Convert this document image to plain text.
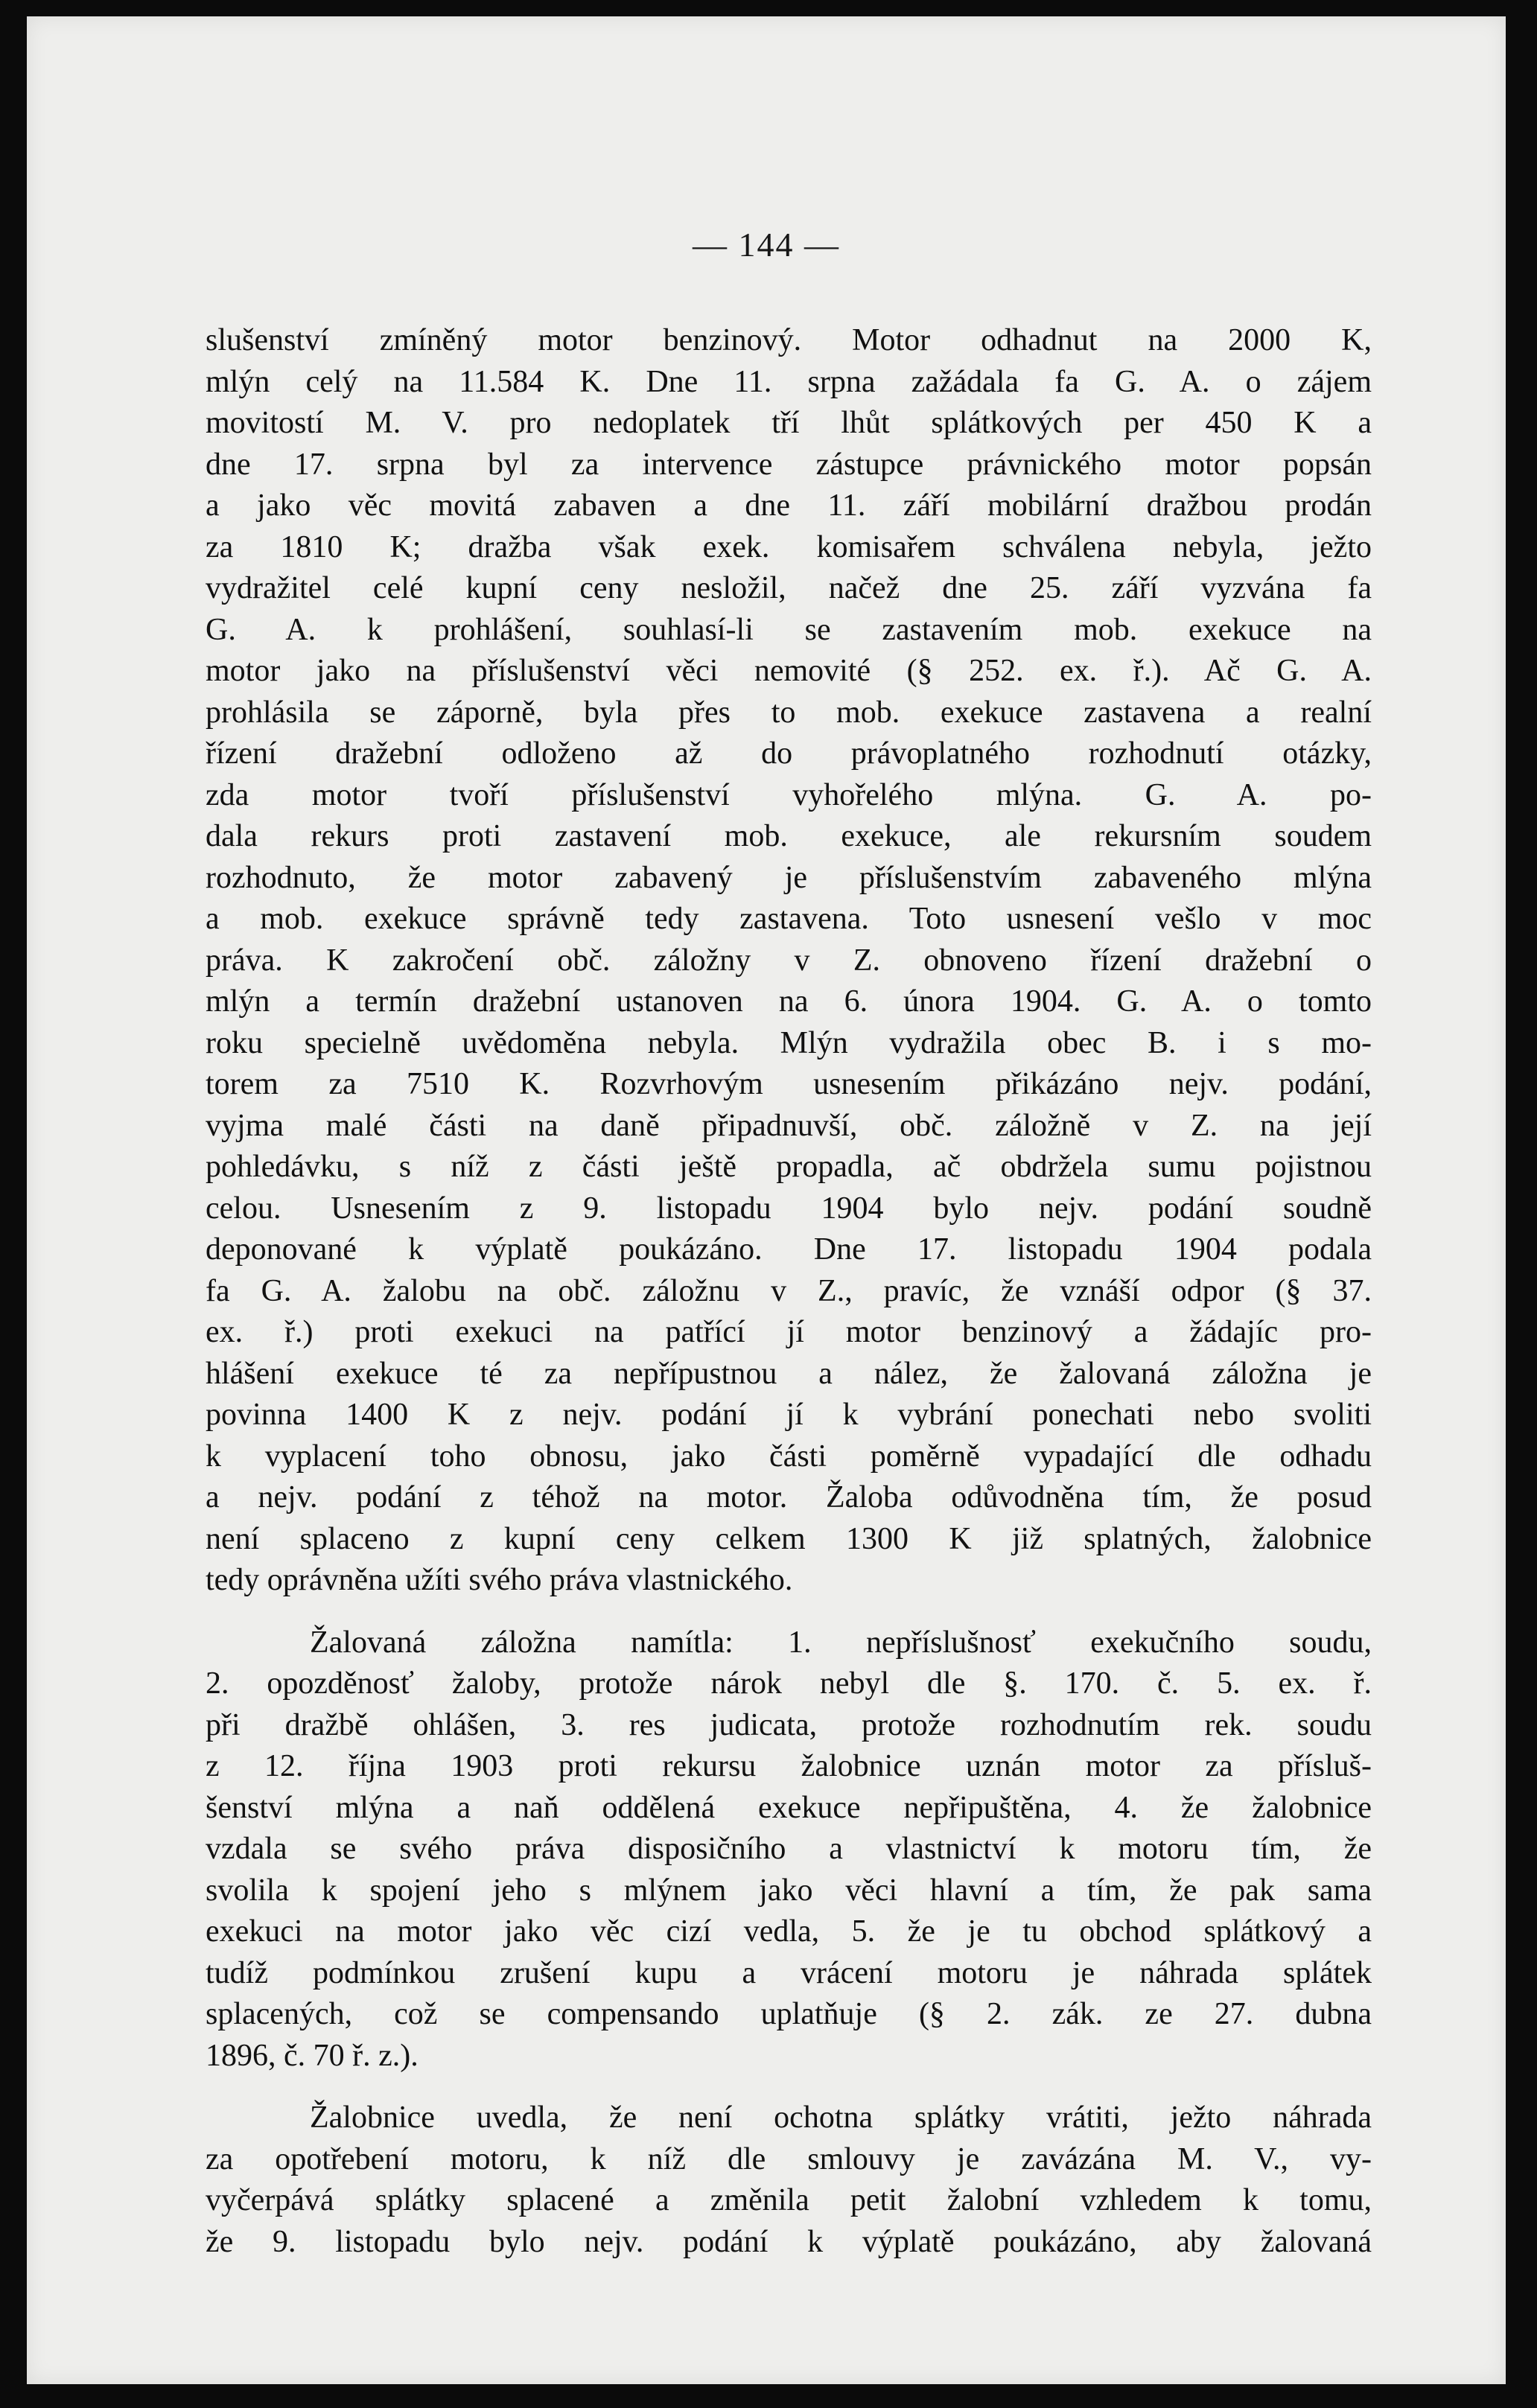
— 144 —
slušenství zmíněný motor benzinový. Motor odhadnut na 2000 K,
mlýn celý na 11.584 K. Dne 11. srpna zažádala fa G. A. o zájem
movitostí M. V. pro nedoplatek tří lhůt splátkových per 450 K a
dne 17. srpna byl za intervence zástupce právnického motor popsán
a jako věc movitá zabaven a dne 11. září mobilární dražbou prodán
za 1810 K; dražba však exek. komisařem schválena nebyla, ježto
vydražitel celé kupní ceny nesložil, načež dne 25. září vyzvána fa
G. A. k prohlášení, souhlasí-li se zastavením mob. exekuce na
motor jako na příslušenství věci nemovité (§ 252. ex. ř.). Ač G. A.
prohlásila se záporně, byla přes to mob. exekuce zastavena a realní
řízení dražební odloženo až do právoplatného rozhodnutí otázky,
zda motor tvoří příslušenství vyhořelého mlýna. G. A. po-
dala rekurs proti zastavení mob. exekuce, ale rekursním soudem
rozhodnuto, že motor zabavený je příslušenstvím zabaveného mlýna
a mob. exekuce správně tedy zastavena. Toto usnesení vešlo v moc
práva. K zakročení obč. záložny v Z. obnoveno řízení dražební o
mlýn a termín dražební ustanoven na 6. února 1904. G. A. o tomto
roku specielně uvědoměna nebyla. Mlýn vydražila obec B. i s mo-
torem za 7510 K. Rozvrhovým usnesením přikázáno nejv. podání,
vyjma malé části na daně připadnuvší, obč. záložně v Z. na její
pohledávku, s níž z části ještě propadla, ač obdržela sumu pojistnou
celou. Usnesením z 9. listopadu 1904 bylo nejv. podání soudně
deponované k výplatě poukázáno. Dne 17. listopadu 1904 podala
fa G. A. žalobu na obč. záložnu v Z., pravíc, že vznáší odpor (§ 37.
ex. ř.) proti exekuci na patřící jí motor benzinový a žádajíc pro-
hlášení exekuce té za nepřípustnou a nález, že žalovaná záložna je
povinna 1400 K z nejv. podání jí k vybrání ponechati nebo svoliti
k vyplacení toho obnosu, jako části poměrně vypadající dle odhadu
a nejv. podání z téhož na motor. Žaloba odůvodněna tím, že posud
není splaceno z kupní ceny celkem 1300 K již splatných, žalobnice
tedy oprávněna užíti svého práva vlastnického.
Žalovaná záložna namítla: 1. nepříslušnosť exekučního soudu,
2. opozděnosť žaloby, protože nárok nebyl dle §. 170. č. 5. ex. ř.
při dražbě ohlášen, 3. res judicata, protože rozhodnutím rek. soudu
z 12. října 1903 proti rekursu žalobnice uznán motor za přísluš-
šenství mlýna a naň oddělená exekuce nepřipuštěna, 4. že žalobnice
vzdala se svého práva disposičního a vlastnictví k motoru tím, že
svolila k spojení jeho s mlýnem jako věci hlavní a tím, že pak sama
exekuci na motor jako věc cizí vedla, 5. že je tu obchod splátkový a
tudíž podmínkou zrušení kupu a vrácení motoru je náhrada splátek
splacených, což se compensando uplatňuje (§ 2. zák. ze 27. dubna
1896, č. 70 ř. z.).
Žalobnice uvedla, že není ochotna splátky vrátiti, ježto náhrada
za opotřebení motoru, k níž dle smlouvy je zavázána M. V., vy-
vyčerpává splátky splacené a změnila petit žalobní vzhledem k tomu,
že 9. listopadu bylo nejv. podání k výplatě poukázáno, aby žalovaná
